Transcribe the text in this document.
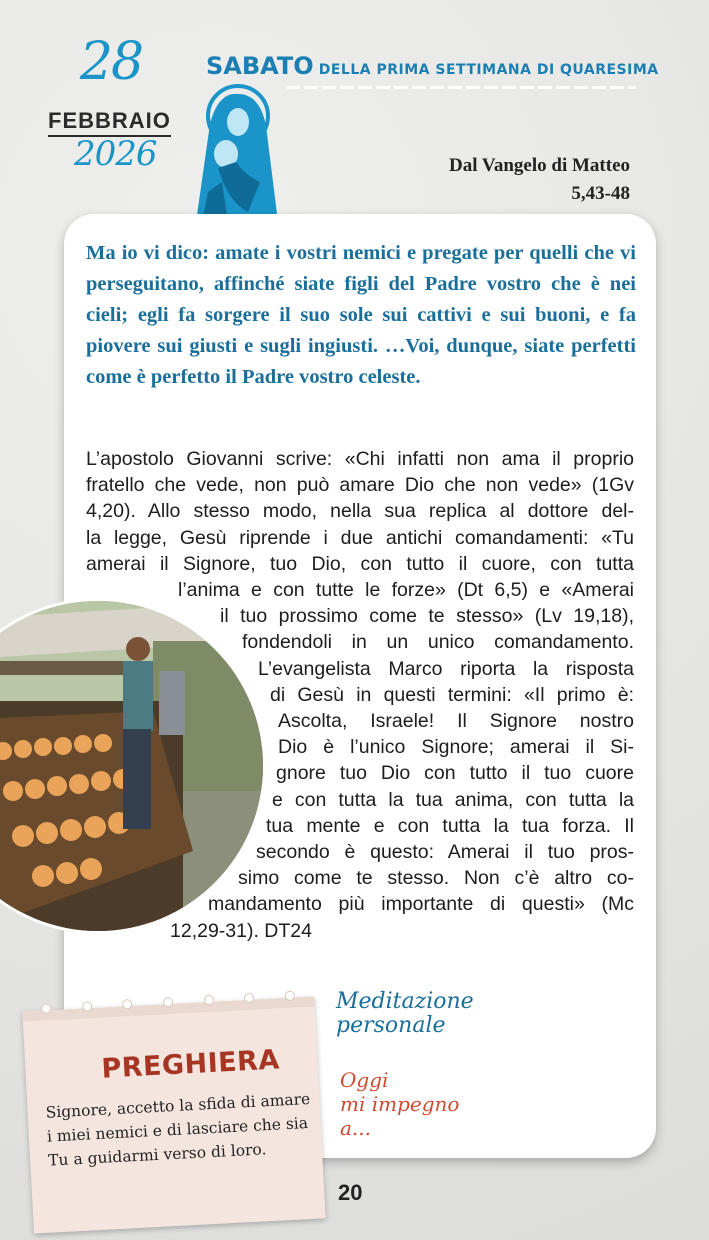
28
FEBBRAIO
2026
SABATO DELLA PRIMA SETTIMANA DI QUARESIMA
Dal Vangelo di Matteo
5,43-48

Ma io vi dico: amate i vostri nemici e pregate per quelli che vi perseguitano, affinché siate figli del Padre vostro che è nei cieli; egli fa sorgere il suo sole sui cattivi e sui buoni, e fa piovere sui giusti e sugli ingiusti. …Voi, dunque, siate perfetti come è perfetto il Padre vostro celeste.

L’apostolo Giovanni scrive: «Chi infatti non ama il proprio
fratello che vede, non può amare Dio che non vede» (1Gv
4,20). Allo stesso modo, nella sua replica al dottore del-
la legge, Gesù riprende i due antichi comandamenti: «Tu
amerai il Signore, tuo Dio, con tutto il cuore, con tutta
l’anima e con tutte le forze» (Dt 6,5) e «Amerai
il tuo prossimo come te stesso» (Lv 19,18),
fondendoli in un unico comandamento.
L’evangelista Marco riporta la risposta
di Gesù in questi termini: «Il primo è:
Ascolta, Israele! Il Signore nostro
Dio è l’unico Signore; amerai il Si-
gnore tuo Dio con tutto il tuo cuore
e con tutta la tua anima, con tutta la
tua mente e con tutta la tua forza. Il
secondo è questo: Amerai il tuo pros-
simo come te stesso. Non c’è altro co-
mandamento più importante di questi» (Mc
12,29-31). DT24
Meditazione
personale
Oggi
mi impegno
a...
PREGHIERA
Signore, accetto la sfida di amare i miei nemici e di lasciare che sia Tu a guidarmi verso di loro.
20
